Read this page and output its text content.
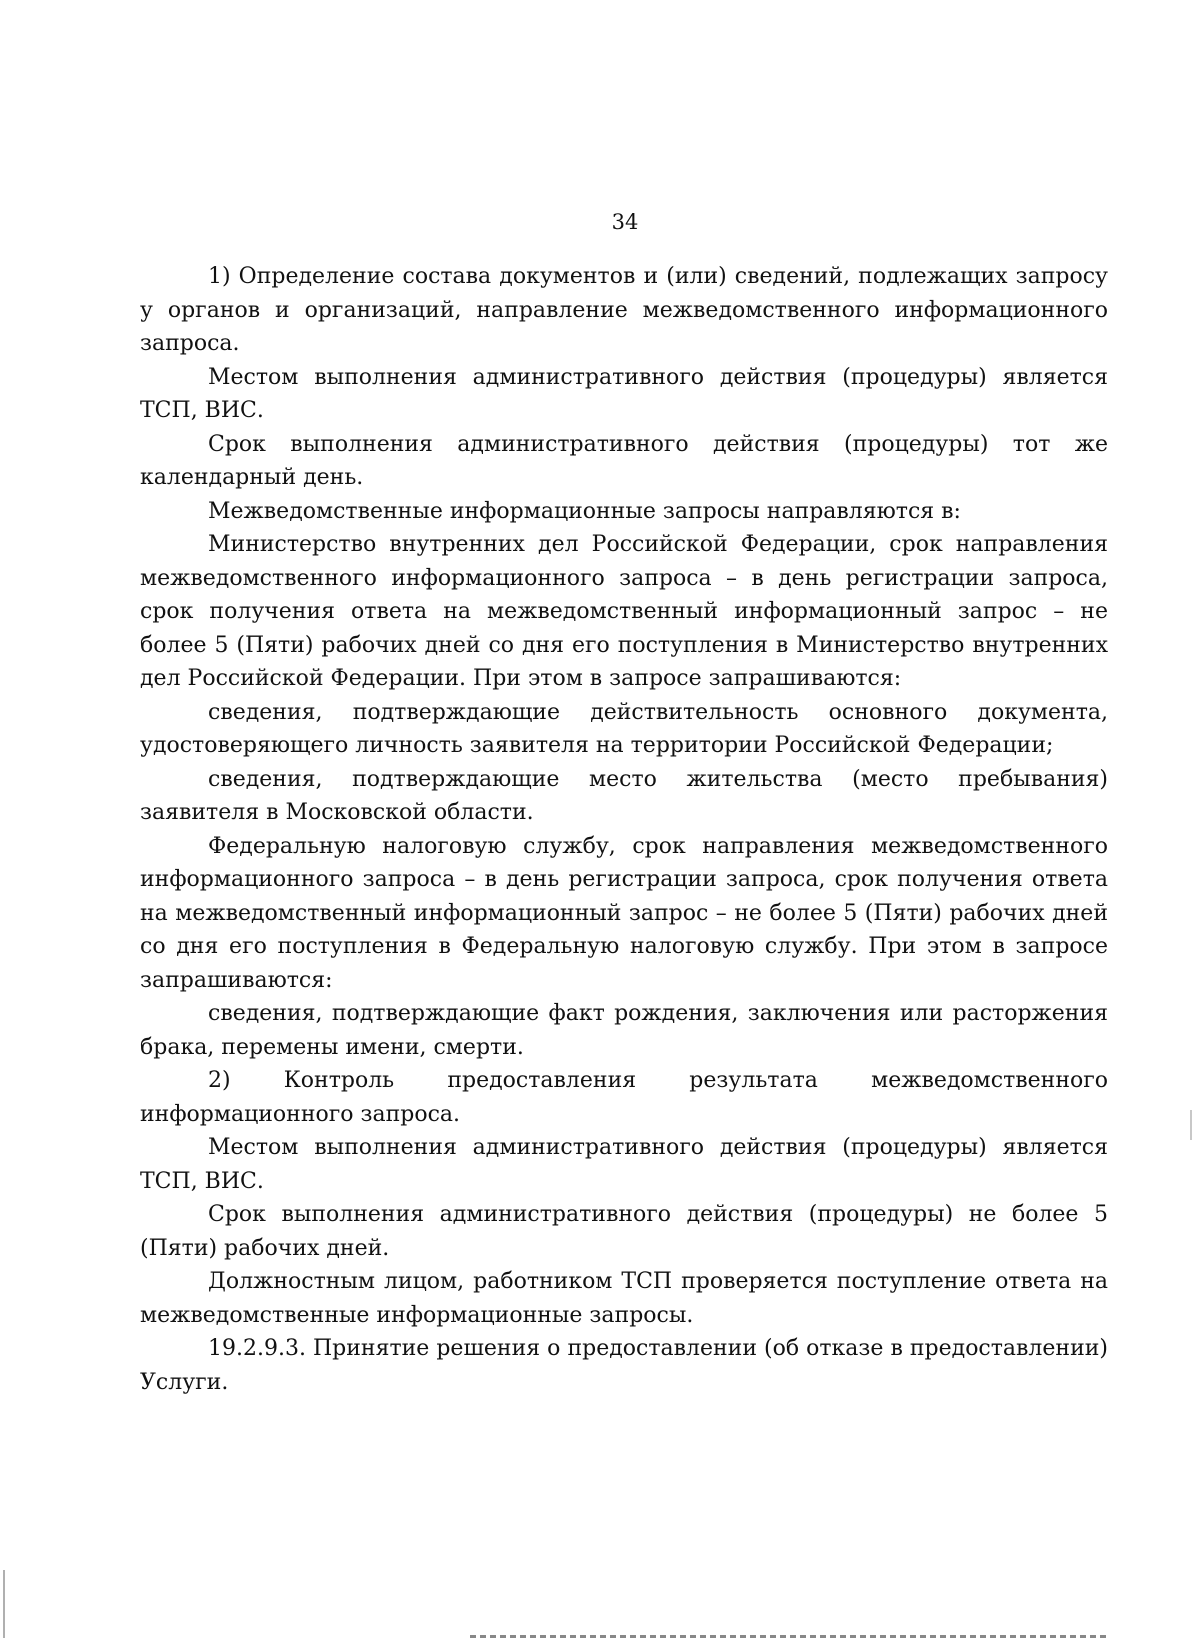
34

1) Определение состава документов и (или) сведений, подлежащих запросу у органов и организаций, направление межведомственного информационного запроса.

Местом выполнения административного действия (процедуры) является ТСП, ВИС.

Срок выполнения административного действия (процедуры) тот же календарный день.

Межведомственные информационные запросы направляются в:

Министерство внутренних дел Российской Федерации, срок направления межведомственного информационного запроса – в день регистрации запроса, срок получения ответа на межведомственный информационный запрос – не более 5 (Пяти) рабочих дней со дня его поступления в Министерство внутренних дел Российской Федерации. При этом в запросе запрашиваются:

сведения, подтверждающие действительность основного документа, удостоверяющего личность заявителя на территории Российской Федерации;

сведения, подтверждающие место жительства (место пребывания) заявителя в Московской области.

Федеральную налоговую службу, срок направления межведомственного информационного запроса – в день регистрации запроса, срок получения ответа на межведомственный информационный запрос – не более 5 (Пяти) рабочих дней со дня его поступления в Федеральную налоговую службу. При этом в запросе запрашиваются:

сведения, подтверждающие факт рождения, заключения или расторжения брака, перемены имени, смерти.

2) Контроль предоставления результата межведомственного информационного запроса.

Местом выполнения административного действия (процедуры) является ТСП, ВИС.

Срок выполнения административного действия (процедуры) не более 5 (Пяти) рабочих дней.

Должностным лицом, работником ТСП проверяется поступление ответа на межведомственные информационные запросы.

19.2.9.3. Принятие решения о предоставлении (об отказе в предоставлении) Услуги.
